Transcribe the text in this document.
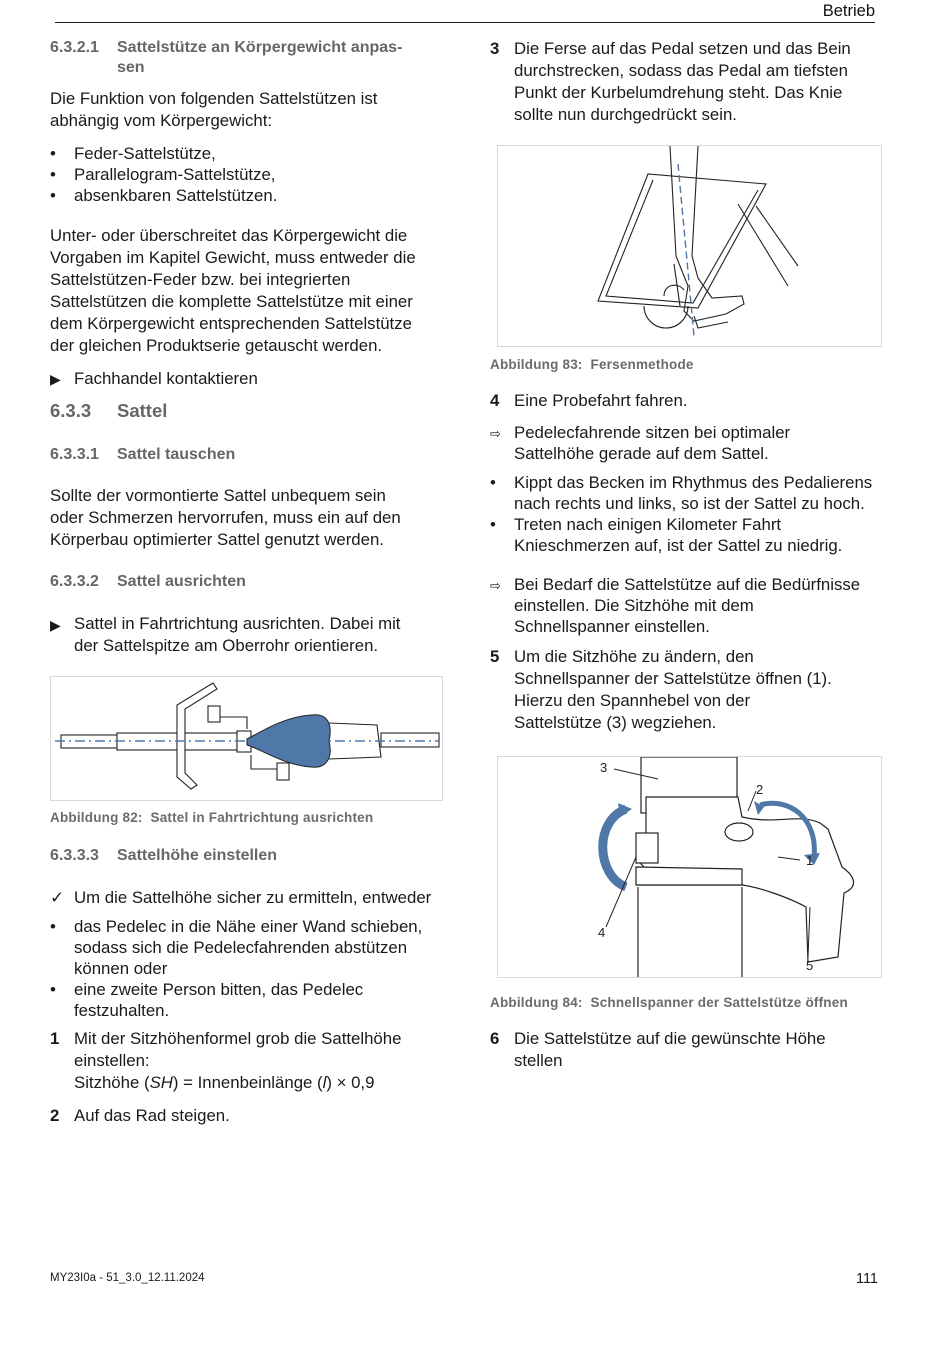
Betrieb
6.3.2.1 Sattelstütze an Körpergewicht anpas-
sen
Die Funktion von folgenden Sattelstützen ist
abhängig vom Körpergewicht:
• Feder-Sattelstütze,
• Parallelogram-Sattelstütze,
• absenkbaren Sattelstützen.
Unter- oder überschreitet das Körpergewicht die
Vorgaben im Kapitel Gewicht, muss entweder die
Sattelstützen-Feder bzw. bei integrierten
Sattelstützen die komplette Sattelstütze mit einer
dem Körpergewicht entsprechenden Sattelstütze
der gleichen Produktserie getauscht werden.
▶ Fachhandel kontaktieren
6.3.3 Sattel
6.3.3.1 Sattel tauschen
Sollte der vormontierte Sattel unbequem sein
oder Schmerzen hervorrufen, muss ein auf den
Körperbau optimierter Sattel genutzt werden.
6.3.3.2 Sattel ausrichten
▶ Sattel in Fahrtrichtung ausrichten. Dabei mit
der Sattelspitze am Oberrohr orientieren.
Abbildung 82: Sattel in Fahrtrichtung ausrichten
6.3.3.3 Sattelhöhe einstellen
✓ Um die Sattelhöhe sicher zu ermitteln, entweder
• das Pedelec in die Nähe einer Wand schieben,
sodass sich die Pedelecfahrenden abstützen
können oder
• eine zweite Person bitten, das Pedelec
festzuhalten.
1 Mit der Sitzhöhenformel grob die Sattelhöhe
einstellen:
Sitzhöhe (SH) = Innenbeinlänge (l) × 0,9
2 Auf das Rad steigen.
3 Die Ferse auf das Pedal setzen und das Bein
durchstrecken, sodass das Pedal am tiefsten
Punkt der Kurbelumdrehung steht. Das Knie
sollte nun durchgedrückt sein.
Abbildung 83: Fersenmethode
4 Eine Probefahrt fahren.
⇨ Pedelecfahrende sitzen bei optimaler
Sattelhöhe gerade auf dem Sattel.
• Kippt das Becken im Rhythmus des Pedalierens
nach rechts und links, so ist der Sattel zu hoch.
• Treten nach einigen Kilometer Fahrt
Knieschmerzen auf, ist der Sattel zu niedrig.
⇨ Bei Bedarf die Sattelstütze auf die Bedürfnisse
einstellen. Die Sitzhöhe mit dem
Schnellspanner einstellen.
5 Um die Sitzhöhe zu ändern, den
Schnellspanner der Sattelstütze öffnen (1).
Hierzu den Spannhebel von der
Sattelstütze (3) wegziehen.
3
2
1
4
5
Abbildung 84: Schnellspanner der Sattelstütze öffnen
6 Die Sattelstütze auf die gewünschte Höhe
stellen
MY23I0a - 51_3.0_12.11.2024	111
